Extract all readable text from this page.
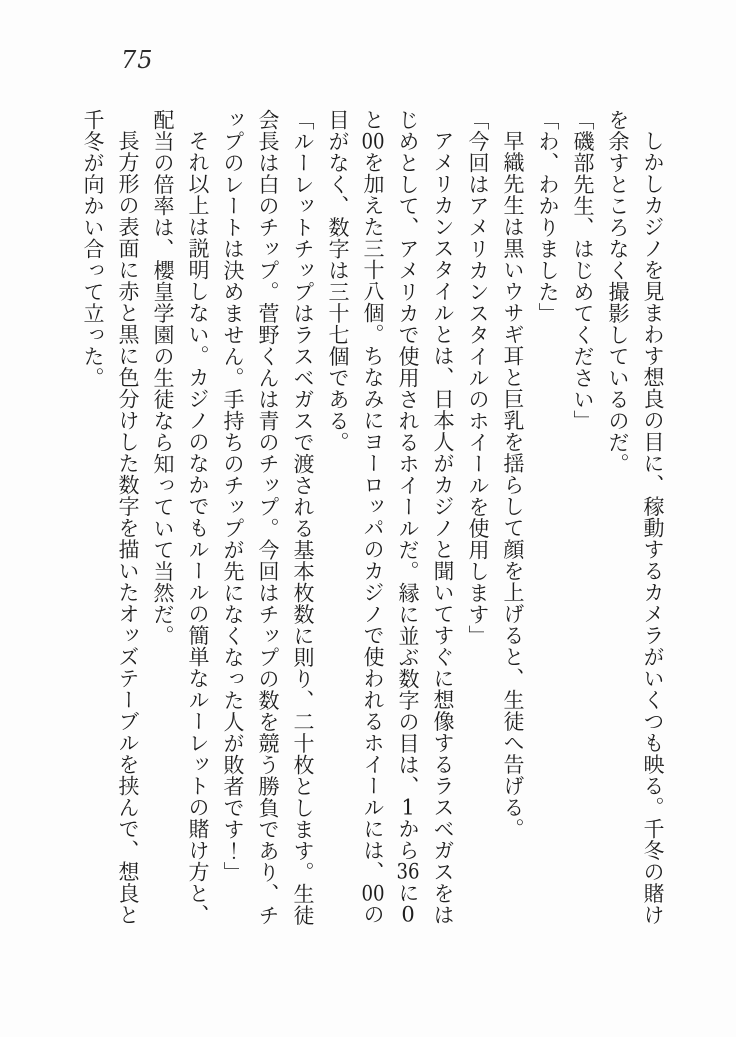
75

しかしカジノを見まわす想良の目に、稼動するカメラがいくつも映る。千冬の賭けを余すところなく撮影しているのだ。

「磯部先生、はじめてください」

「わ、わかりました」

早織先生は黒いウサギ耳と巨乳を揺らして顔を上げると、生徒へ告げる。

「今回はアメリカンスタイルのホイールを使用します」

アメリカンスタイルとは、日本人がカジノと聞いてすぐに想像するラスベガスをはじめとして、アメリカで使用されるホイールだ。縁に並ぶ数字の目は、1から36に0と00を加えた三十八個。ちなみにヨーロッパのカジノで使われるホイールには、00の目がなく、数字は三十七個である。

「ルーレットチップはラスベガスで渡される基本枚数に則り、二十枚とします。生徒会長は白のチップ。菅野くんは青のチップ。今回はチップの数を競う勝負であり、チップのレートは決めません。手持ちのチップが先になくなった人が敗者です！」

それ以上は説明しない。カジノのなかでもルールの簡単なルーレットの賭け方と、配当の倍率は、櫻皇学園の生徒なら知っていて当然だ。

長方形の表面に赤と黒に色分けした数字を描いたオッズテーブルを挟んで、想良と千冬が向かい合って立った。
